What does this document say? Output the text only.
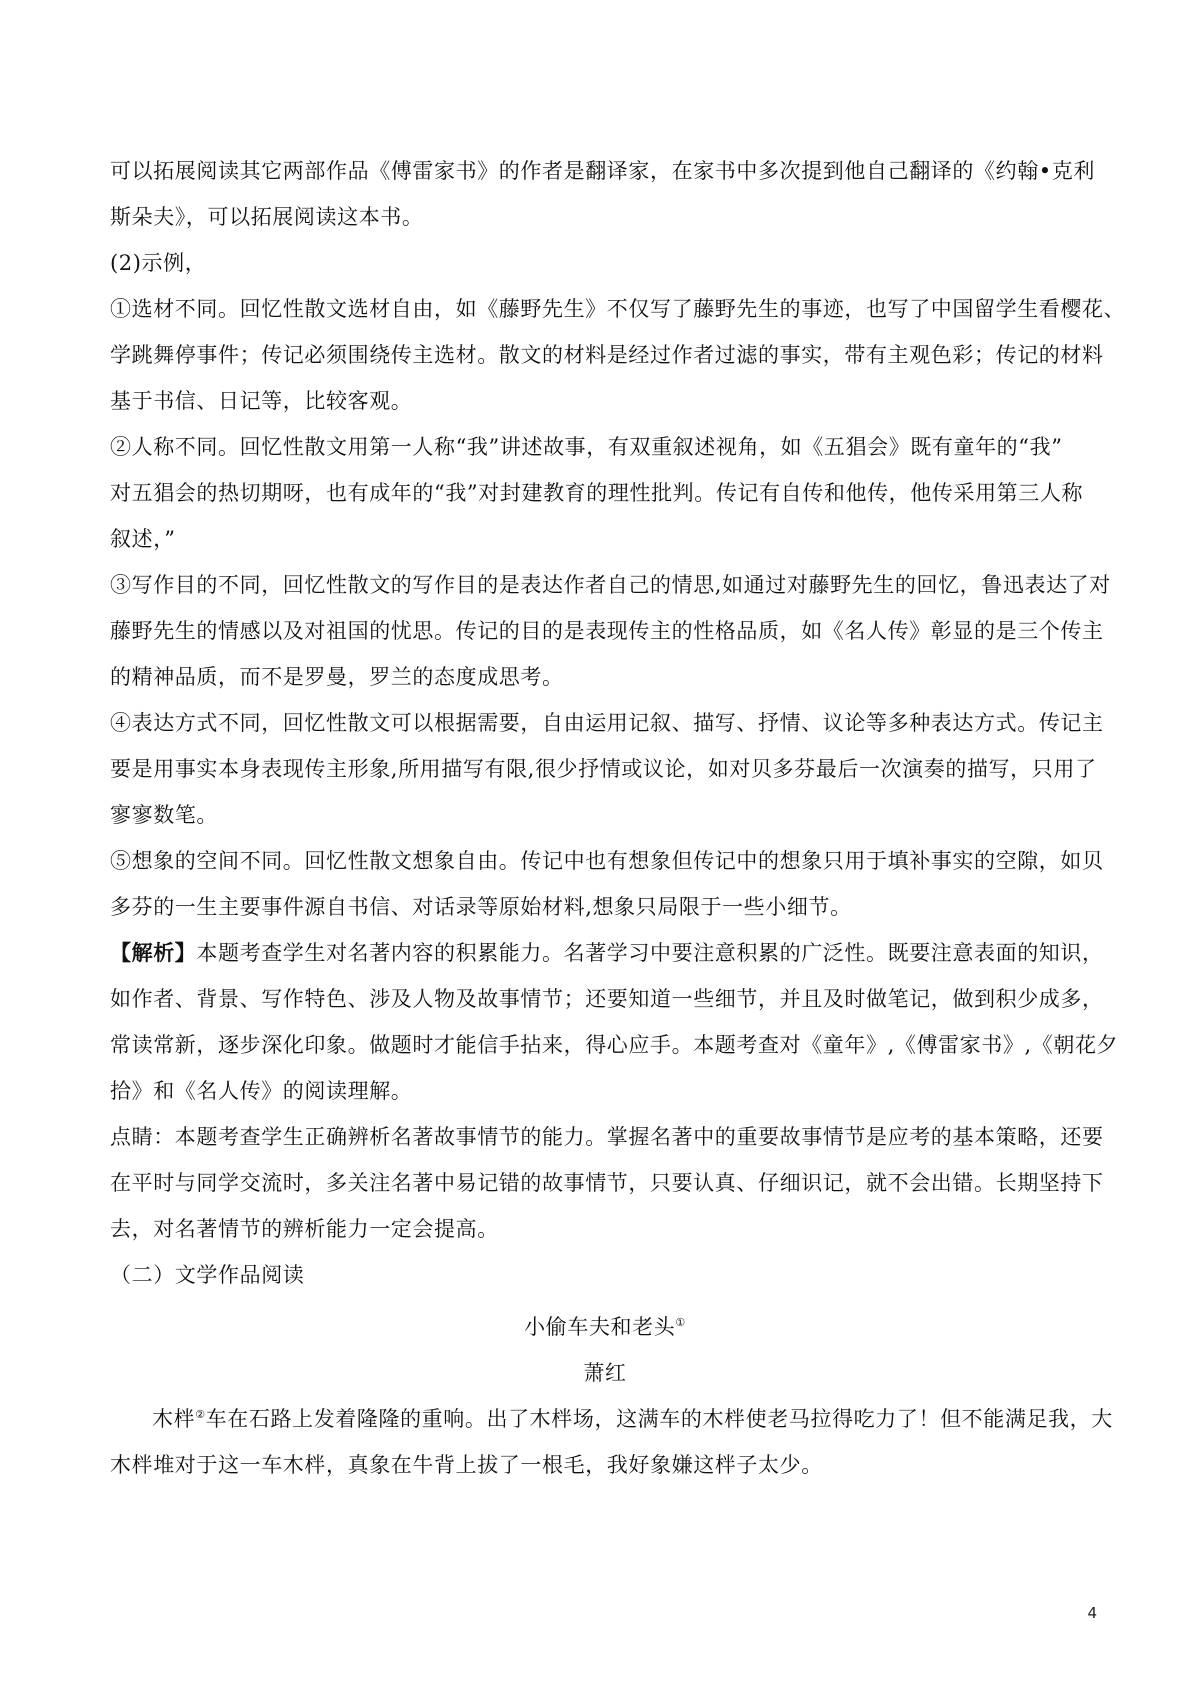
可以拓展阅读其它两部作品《傅雷家书》的作者是翻译家，在家书中多次提到他自己翻译的《约翰•克利
斯朵夫》，可以拓展阅读这本书。
(2)示例，
①选材不同。回忆性散文选材自由，如《藤野先生》不仅写了藤野先生的事迹，也写了中国留学生看樱花、
学跳舞停事件；传记必须围绕传主选材。散文的材料是经过作者过滤的事实，带有主观色彩；传记的材料
基于书信、日记等，比较客观。
②人称不同。回忆性散文用第一人称“我”讲述故事，有双重叙述视角，如《五猖会》既有童年的“我”
对五猖会的热切期呀，也有成年的“我”对封建教育的理性批判。传记有自传和他传，他传采用第三人称
叙述，”
③写作目的不同，回忆性散文的写作目的是表达作者自己的情思,如通过对藤野先生的回忆，鲁迅表达了对
藤野先生的情感以及对祖国的忧思。传记的目的是表现传主的性格品质，如《名人传》彰显的是三个传主
的精神品质，而不是罗曼，罗兰的态度成思考。
④表达方式不同，回忆性散文可以根据需要，自由运用记叙、描写、抒情、议论等多种表达方式。传记主
要是用事实本身表现传主形象,所用描写有限,很少抒情或议论，如对贝多芬最后一次演奏的描写，只用了
寥寥数笔。
⑤想象的空间不同。回忆性散文想象自由。传记中也有想象但传记中的想象只用于填补事实的空隙，如贝
多芬的一生主要事件源自书信、对话录等原始材料,想象只局限于一些小细节。
【解析】本题考查学生对名著内容的积累能力。名著学习中要注意积累的广泛性。既要注意表面的知识，
如作者、背景、写作特色、涉及人物及故事情节；还要知道一些细节，并且及时做笔记，做到积少成多，
常读常新，逐步深化印象。做题时才能信手拈来，得心应手。本题考查对《童年》,《傅雷家书》,《朝花夕
拾》和《名人传》的阅读理解。
点睛：本题考查学生正确辨析名著故事情节的能力。掌握名著中的重要故事情节是应考的基本策略，还要
在平时与同学交流时，多关注名著中易记错的故事情节，只要认真、仔细识记，就不会出错。长期坚持下
去，对名著情节的辨析能力一定会提高。
（二）文学作品阅读
小偷车夫和老头①
萧红
木柈②车在石路上发着隆隆的重响。出了木柈场，这满车的木柈使老马拉得吃力了！但不能满足我，大
木柈堆对于这一车木柈，真象在牛背上拔了一根毛，我好象嫌这柈子太少。
4
